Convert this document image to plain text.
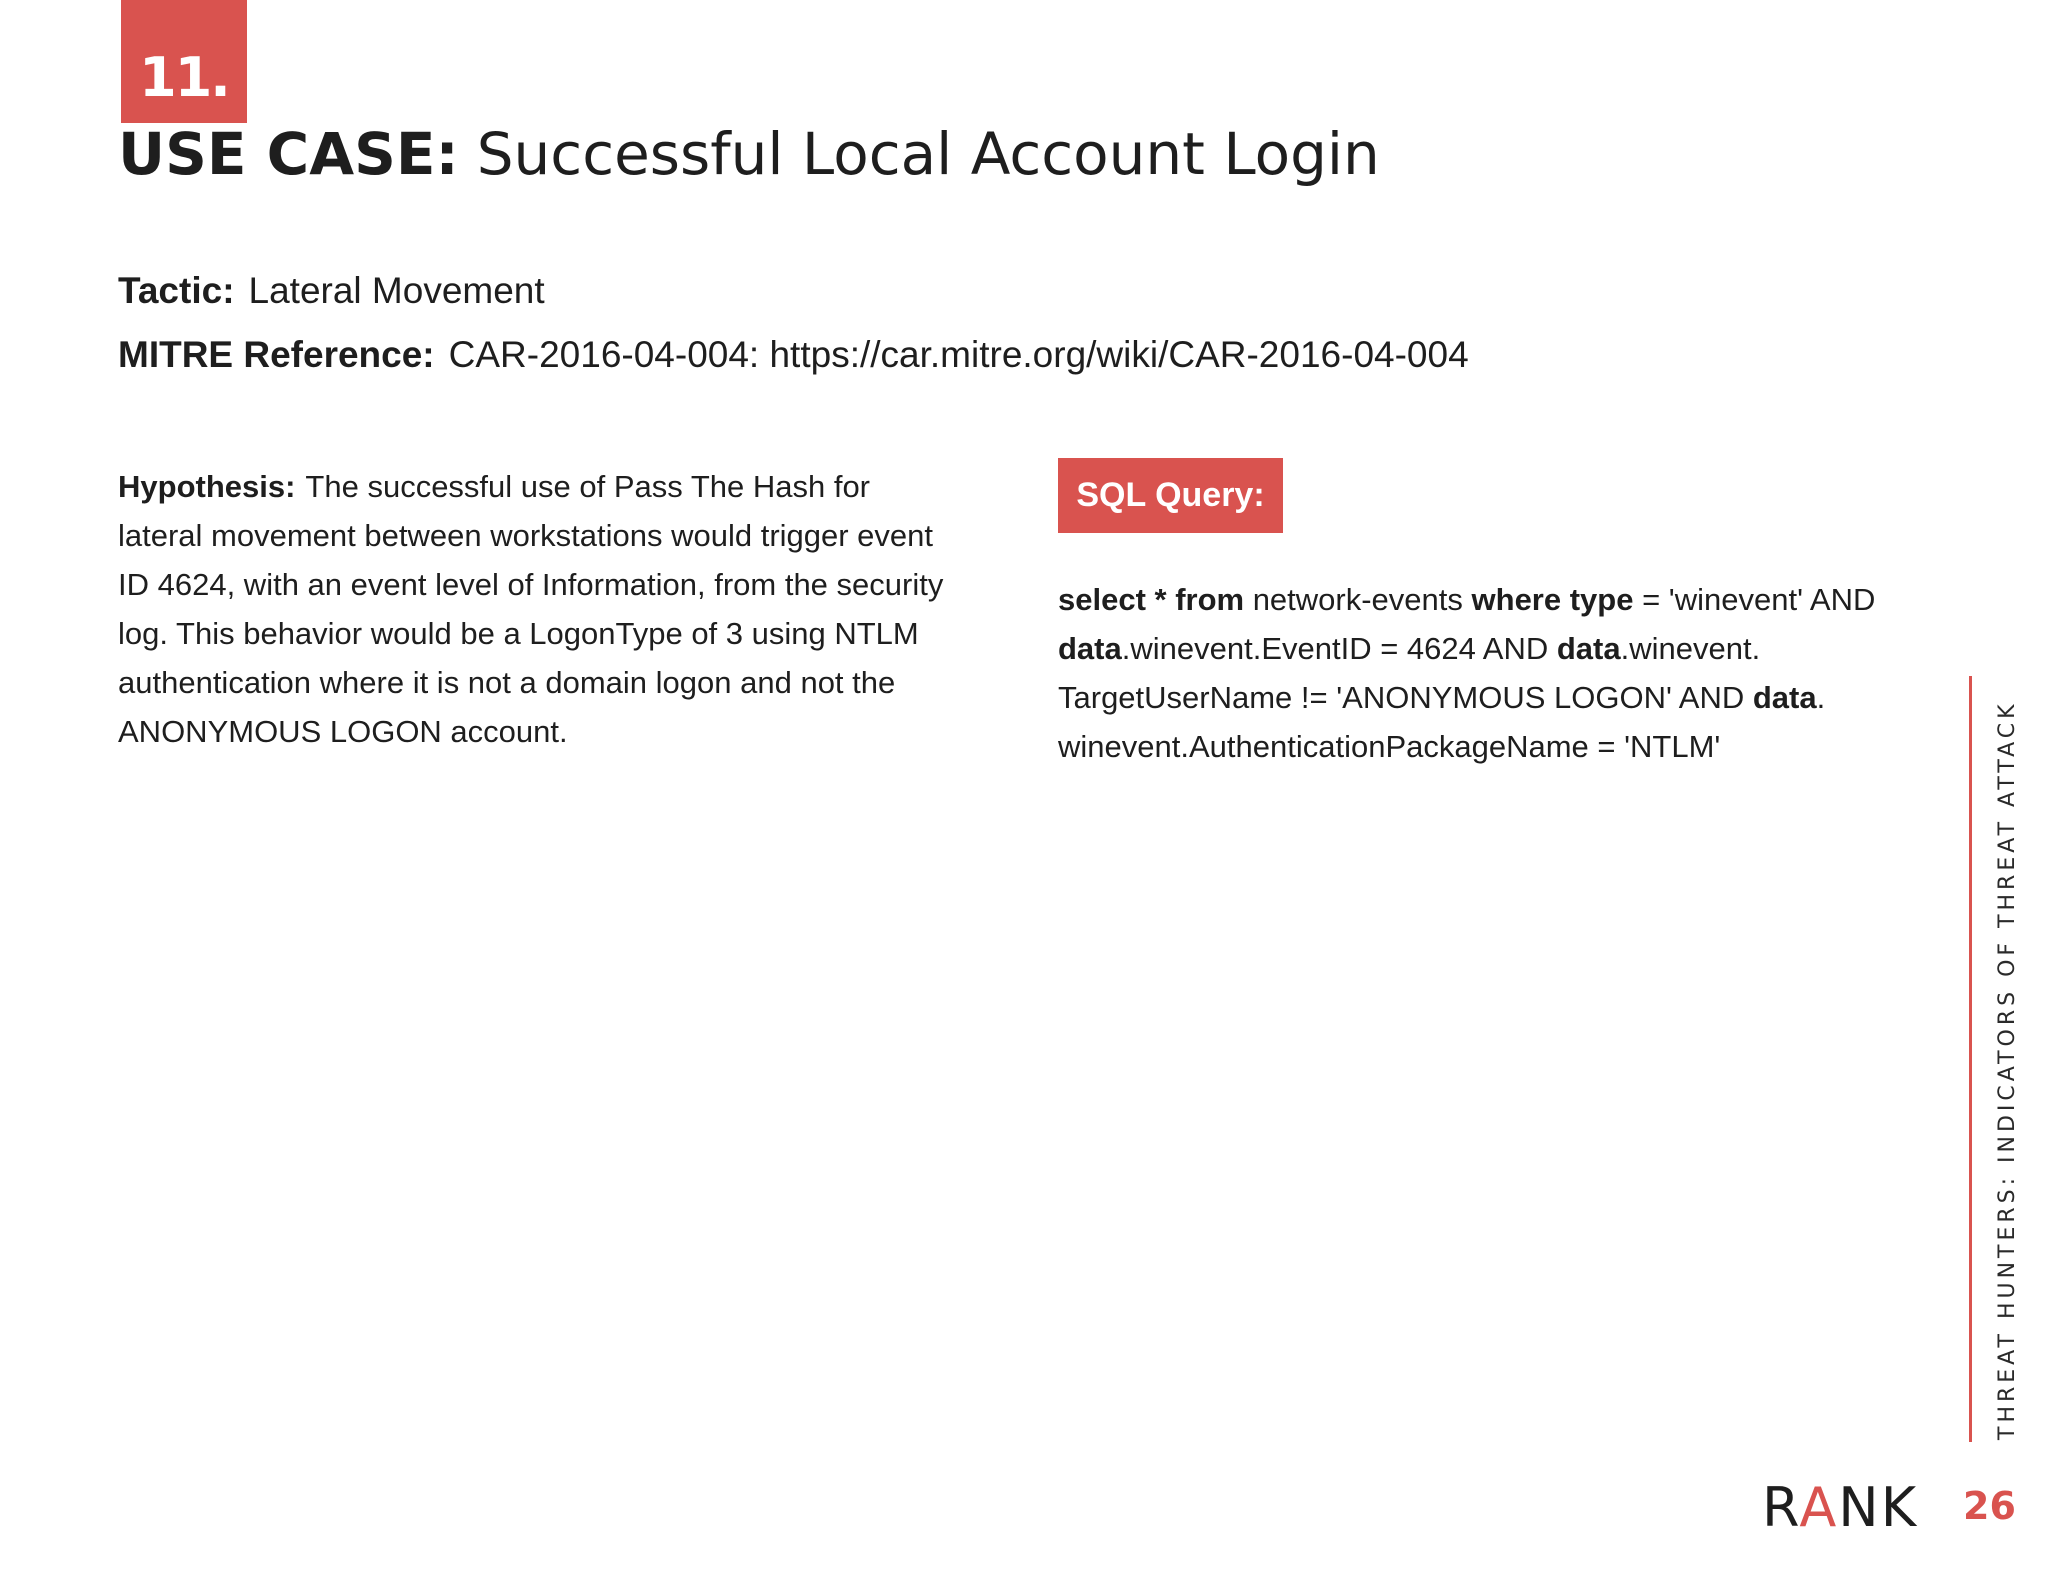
11.
USE CASE: Successful Local Account Login
Tactic: Lateral Movement
MITRE Reference: CAR-2016-04-004: https://car.mitre.org/wiki/CAR-2016-04-004

Hypothesis: The successful use of Pass The Hash for lateral movement between workstations would trigger event ID 4624, with an event level of Information, from the security log. This behavior would be a LogonType of 3 using NTLM authentication where it is not a domain logon and not the ANONYMOUS LOGON account.

SQL Query:

select * from network-events where type = 'winevent' AND data.winevent.EventID = 4624 AND data.winevent.​TargetUserName != 'ANONYMOUS LOGON' AND data.​winevent.AuthenticationPackageName = 'NTLM'	THREAT HUNTERS: INDICATORS OF THREAT ATTACK
RANK 26
